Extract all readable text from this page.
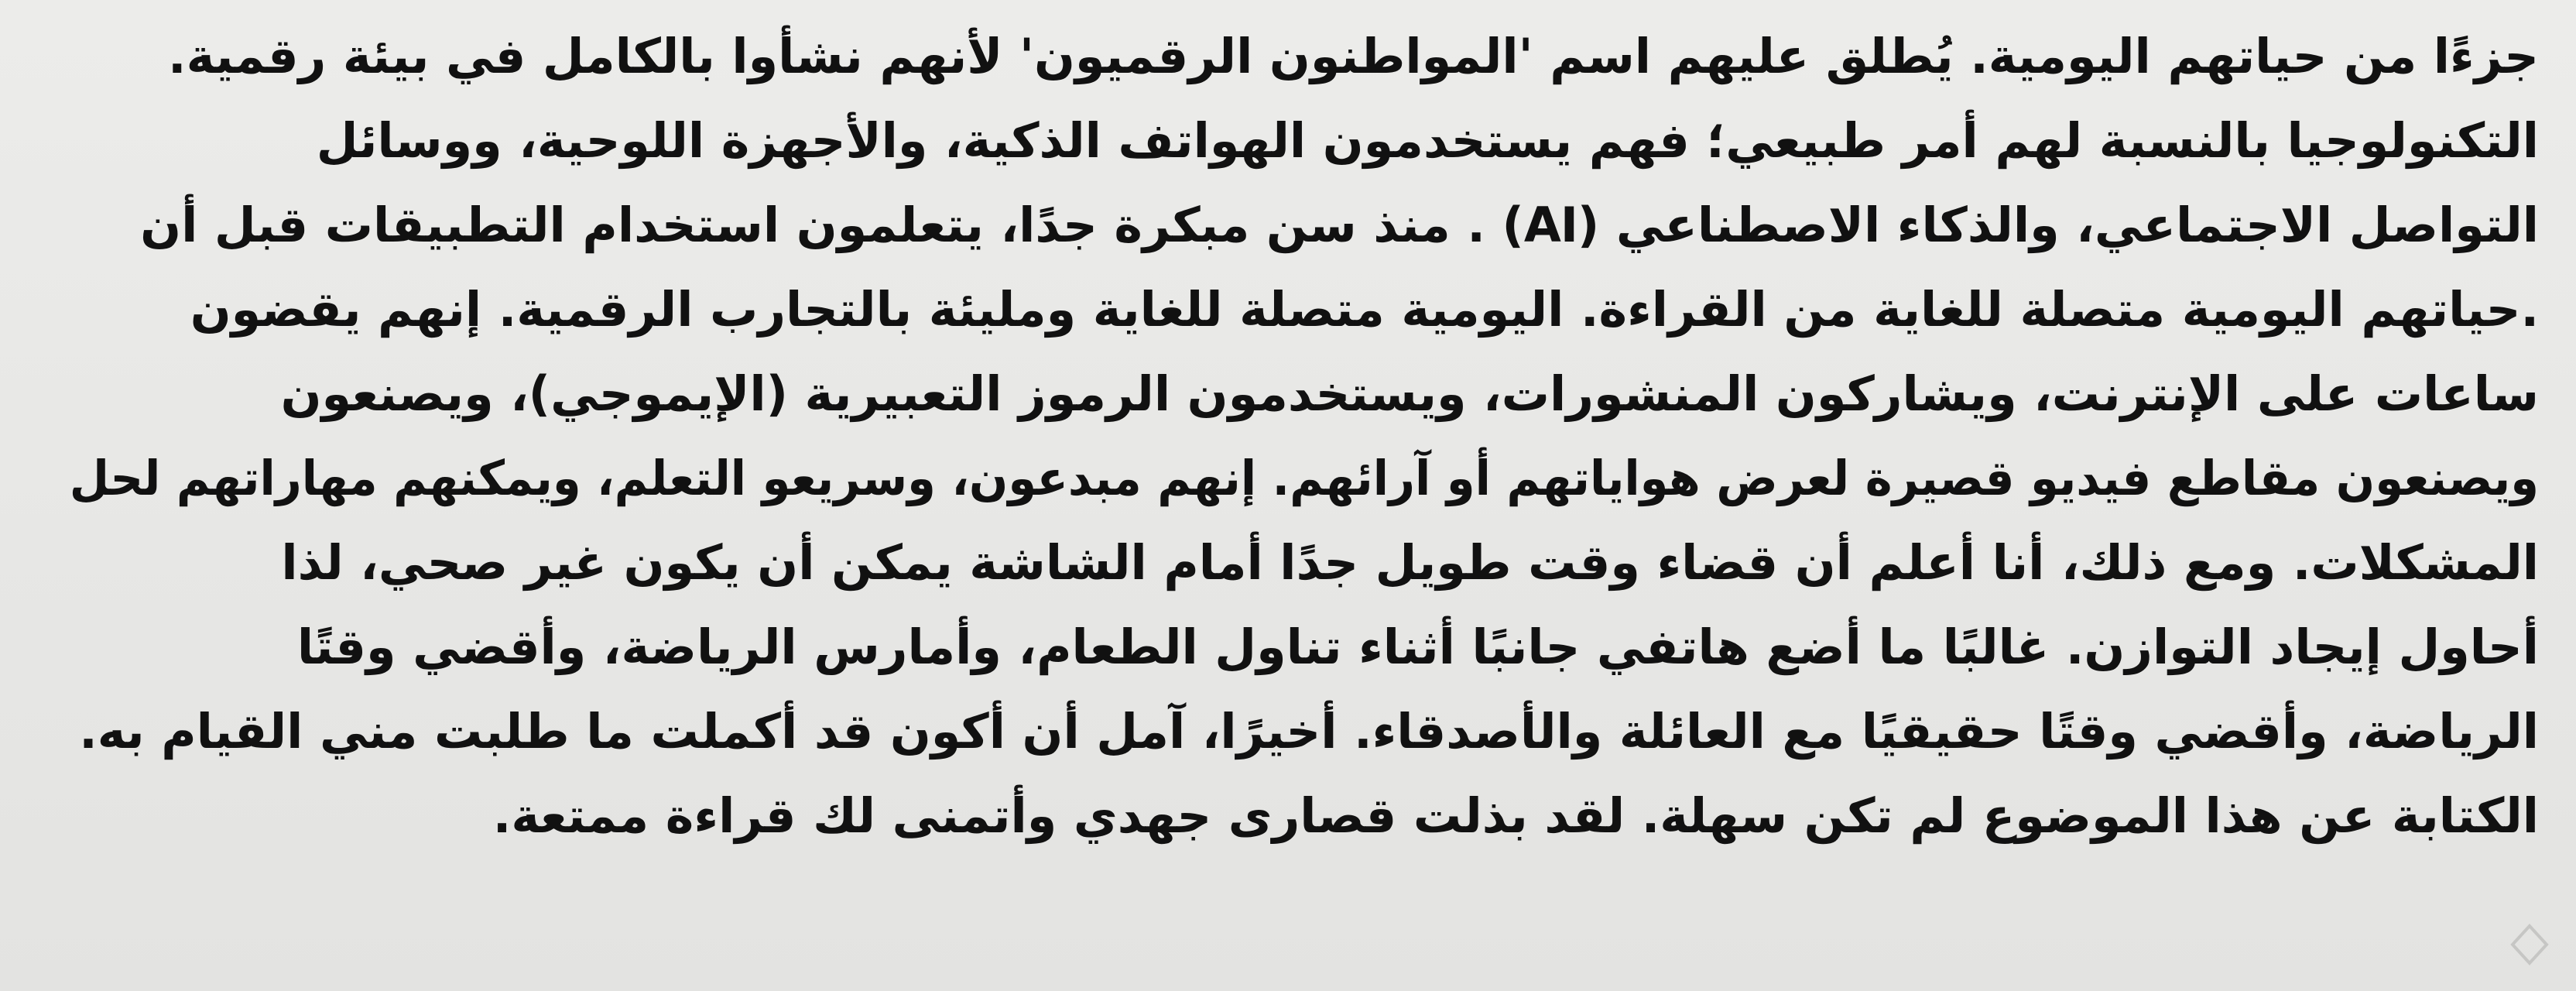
جزءًا من حياتهم اليومية. يُطلق عليهم اسم 'المواطنون الرقميون' لأنهم نشأوا بالكامل في بيئة رقمية.
التكنولوجيا بالنسبة لهم أمر طبيعي؛ فهم يستخدمون الهواتف الذكية، والأجهزة اللوحية، ووسائل
التواصل الاجتماعي، والذكاء الاصطناعي (AI) . منذ سن مبكرة جدًا، يتعلمون استخدام التطبيقات قبل أن
.حياتهم اليومية متصلة للغاية من القراءة. اليومية متصلة للغاية ومليئة بالتجارب الرقمية. إنهم يقضون
ساعات على الإنترنت، ويشاركون المنشورات، ويستخدمون الرموز التعبيرية (الإيموجي)، ويصنعون
ويصنعون مقاطع فيديو قصيرة لعرض هواياتهم أو آرائهم. إنهم مبدعون، وسريعو التعلم، ويمكنهم مهاراتهم لحل
المشكلات. ومع ذلك، أنا أعلم أن قضاء وقت طويل جدًا أمام الشاشة يمكن أن يكون غير صحي، لذا
أحاول إيجاد التوازن. غالبًا ما أضع هاتفي جانبًا أثناء تناول الطعام، وأمارس الرياضة، وأقضي وقتًا
الرياضة، وأقضي وقتًا حقيقيًا مع العائلة والأصدقاء. أخيرًا، آمل أن أكون قد أكملت ما طلبت مني القيام به.
الكتابة عن هذا الموضوع لم تكن سهلة. لقد بذلت قصارى جهدي وأتمنى لك قراءة ممتعة.
